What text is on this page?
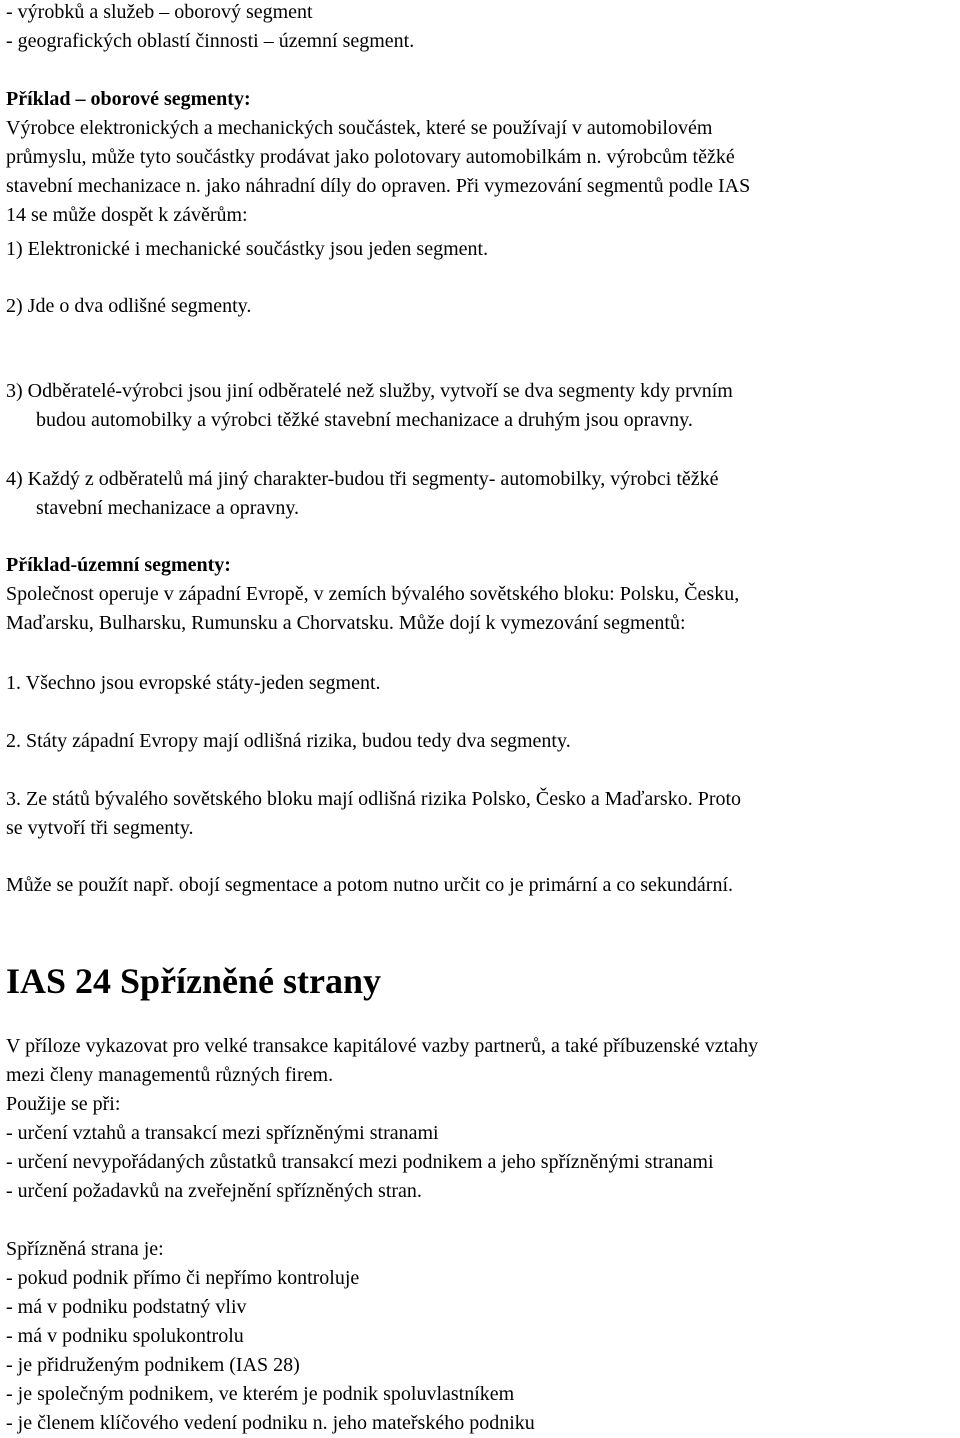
- výrobků a služeb – oborový segment
- geografických oblastí činnosti – územní segment.
Příklad – oborové segmenty:
Výrobce elektronických a mechanických součástek, které se používají v automobilovém
průmyslu, může tyto součástky prodávat jako polotovary automobilkám n. výrobcům těžké
stavební mechanizace n. jako náhradní díly do opraven. Při vymezování segmentů podle IAS
14 se může dospět k závěrům:
1) Elektronické i mechanické součástky jsou jeden segment.
2) Jde o dva odlišné segmenty.
3) Odběratelé-výrobci jsou jiní odběratelé než služby, vytvoří se dva segmenty kdy prvním
budou automobilky a výrobci těžké stavební mechanizace a druhým jsou opravny.
4) Každý z odběratelů má jiný charakter-budou tři segmenty- automobilky, výrobci těžké
stavební mechanizace a opravny.
Příklad-územní segmenty:
Společnost operuje v západní Evropě, v zemích bývalého sovětského bloku: Polsku, Česku,
Maďarsku, Bulharsku, Rumunsku a Chorvatsku. Může dojí k vymezování segmentů:
1. Všechno jsou evropské státy-jeden segment.
2. Státy západní Evropy mají odlišná rizika, budou tedy dva segmenty.
3. Ze států bývalého sovětského bloku mají odlišná rizika Polsko, Česko a Maďarsko. Proto
se vytvoří tři segmenty.
Může se použít např. obojí segmentace a potom nutno určit co je primární a co sekundární.
IAS 24 Spřízněné strany
V příloze vykazovat pro velké transakce kapitálové vazby partnerů, a také příbuzenské vztahy
mezi členy managementů různých firem.
Použije se při:
- určení vztahů a transakcí mezi spřízněnými stranami
- určení nevypořádaných zůstatků transakcí mezi podnikem a jeho spřízněnými stranami
- určení požadavků na zveřejnění spřízněných stran.
Spřízněná strana je:
- pokud podnik přímo či nepřímo kontroluje
- má v podniku podstatný vliv
- má v podniku spolukontrolu
- je přidruženým podnikem (IAS 28)
- je společným podnikem, ve kterém je podnik spoluvlastníkem
- je členem klíčového vedení podniku n. jeho mateřského podniku
